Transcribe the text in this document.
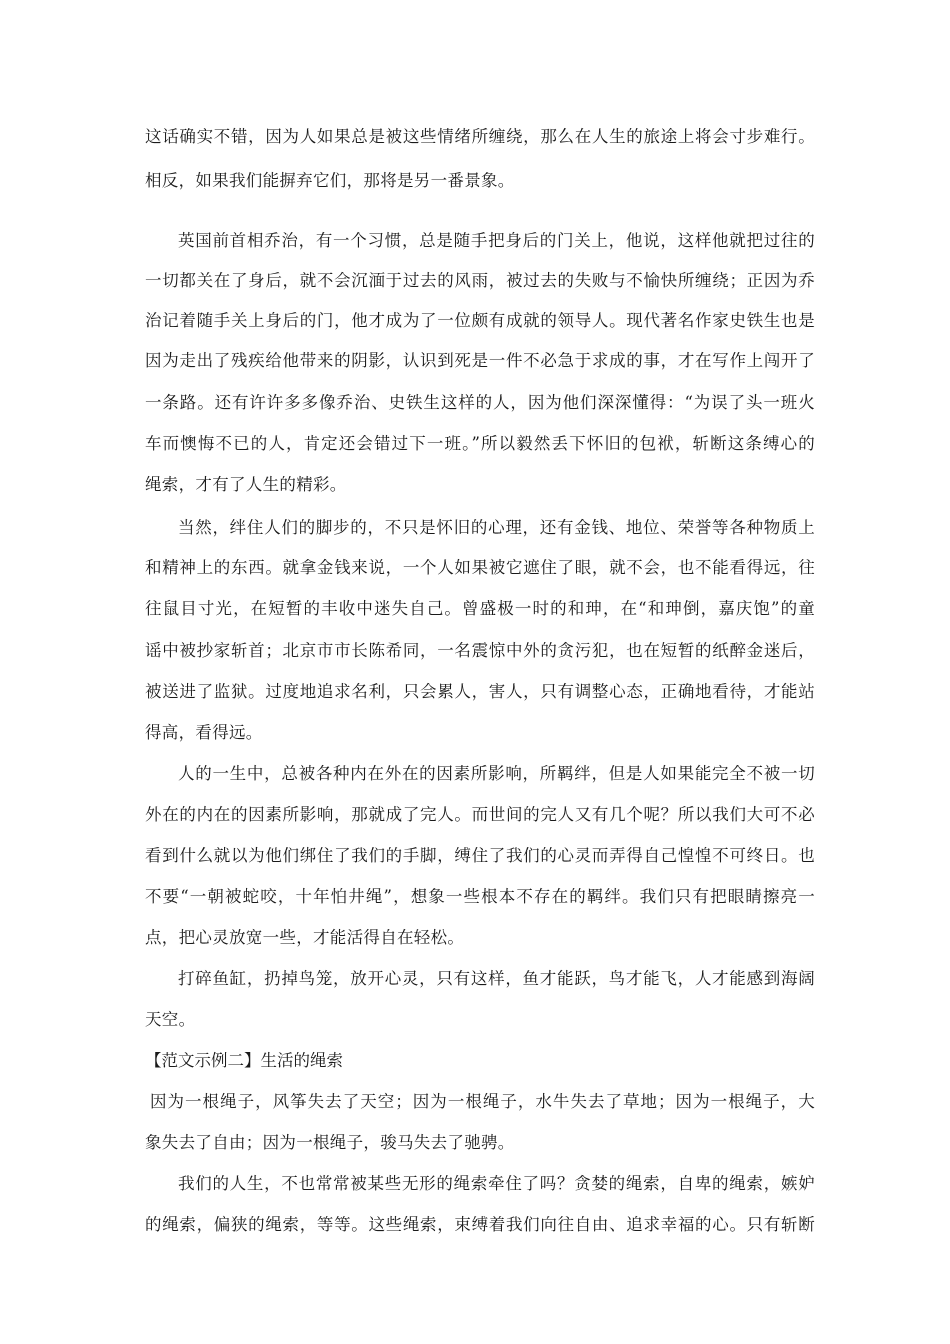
这话确实不错，因为人如果总是被这些情绪所缠绕，那么在人生的旅途上将会寸步难行。
相反，如果我们能摒弃它们，那将是另一番景象。
英国前首相乔治，有一个习惯，总是随手把身后的门关上，他说，这样他就把过往的
一切都关在了身后，就不会沉湎于过去的风雨，被过去的失败与不愉快所缠绕；正因为乔
治记着随手关上身后的门，他才成为了一位颇有成就的领导人。现代著名作家史铁生也是
因为走出了残疾给他带来的阴影，认识到死是一件不必急于求成的事，才在写作上闯开了
一条路。还有许许多多像乔治、史铁生这样的人，因为他们深深懂得：“为误了头一班火
车而懊悔不已的人，肯定还会错过下一班。”所以毅然丢下怀旧的包袱，斩断这条缚心的
绳索，才有了人生的精彩。
当然，绊住人们的脚步的，不只是怀旧的心理，还有金钱、地位、荣誉等各种物质上
和精神上的东西。就拿金钱来说，一个人如果被它遮住了眼，就不会，也不能看得远，往
往鼠目寸光，在短暂的丰收中迷失自己。曾盛极一时的和珅，在“和珅倒，嘉庆饱”的童
谣中被抄家斩首；北京市市长陈希同，一名震惊中外的贪污犯，也在短暂的纸醉金迷后，
被送进了监狱。过度地追求名利，只会累人，害人，只有调整心态，正确地看待，才能站
得高，看得远。
人的一生中，总被各种内在外在的因素所影响，所羁绊，但是人如果能完全不被一切
外在的内在的因素所影响，那就成了完人。而世间的完人又有几个呢？所以我们大可不必
看到什么就以为他们绑住了我们的手脚，缚住了我们的心灵而弄得自己惶惶不可终日。也
不要“一朝被蛇咬，十年怕井绳”，想象一些根本不存在的羁绊。我们只有把眼睛擦亮一
点，把心灵放宽一些，才能活得自在轻松。
打碎鱼缸，扔掉鸟笼，放开心灵，只有这样，鱼才能跃，鸟才能飞，人才能感到海阔
天空。
【范文示例二】生活的绳索
因为一根绳子，风筝失去了天空；因为一根绳子，水牛失去了草地；因为一根绳子，大
象失去了自由；因为一根绳子，骏马失去了驰骋。
我们的人生，不也常常被某些无形的绳索牵住了吗？贪婪的绳索，自卑的绳索，嫉妒
的绳索，偏狭的绳索，等等。这些绳索，束缚着我们向往自由、追求幸福的心。只有斩断
